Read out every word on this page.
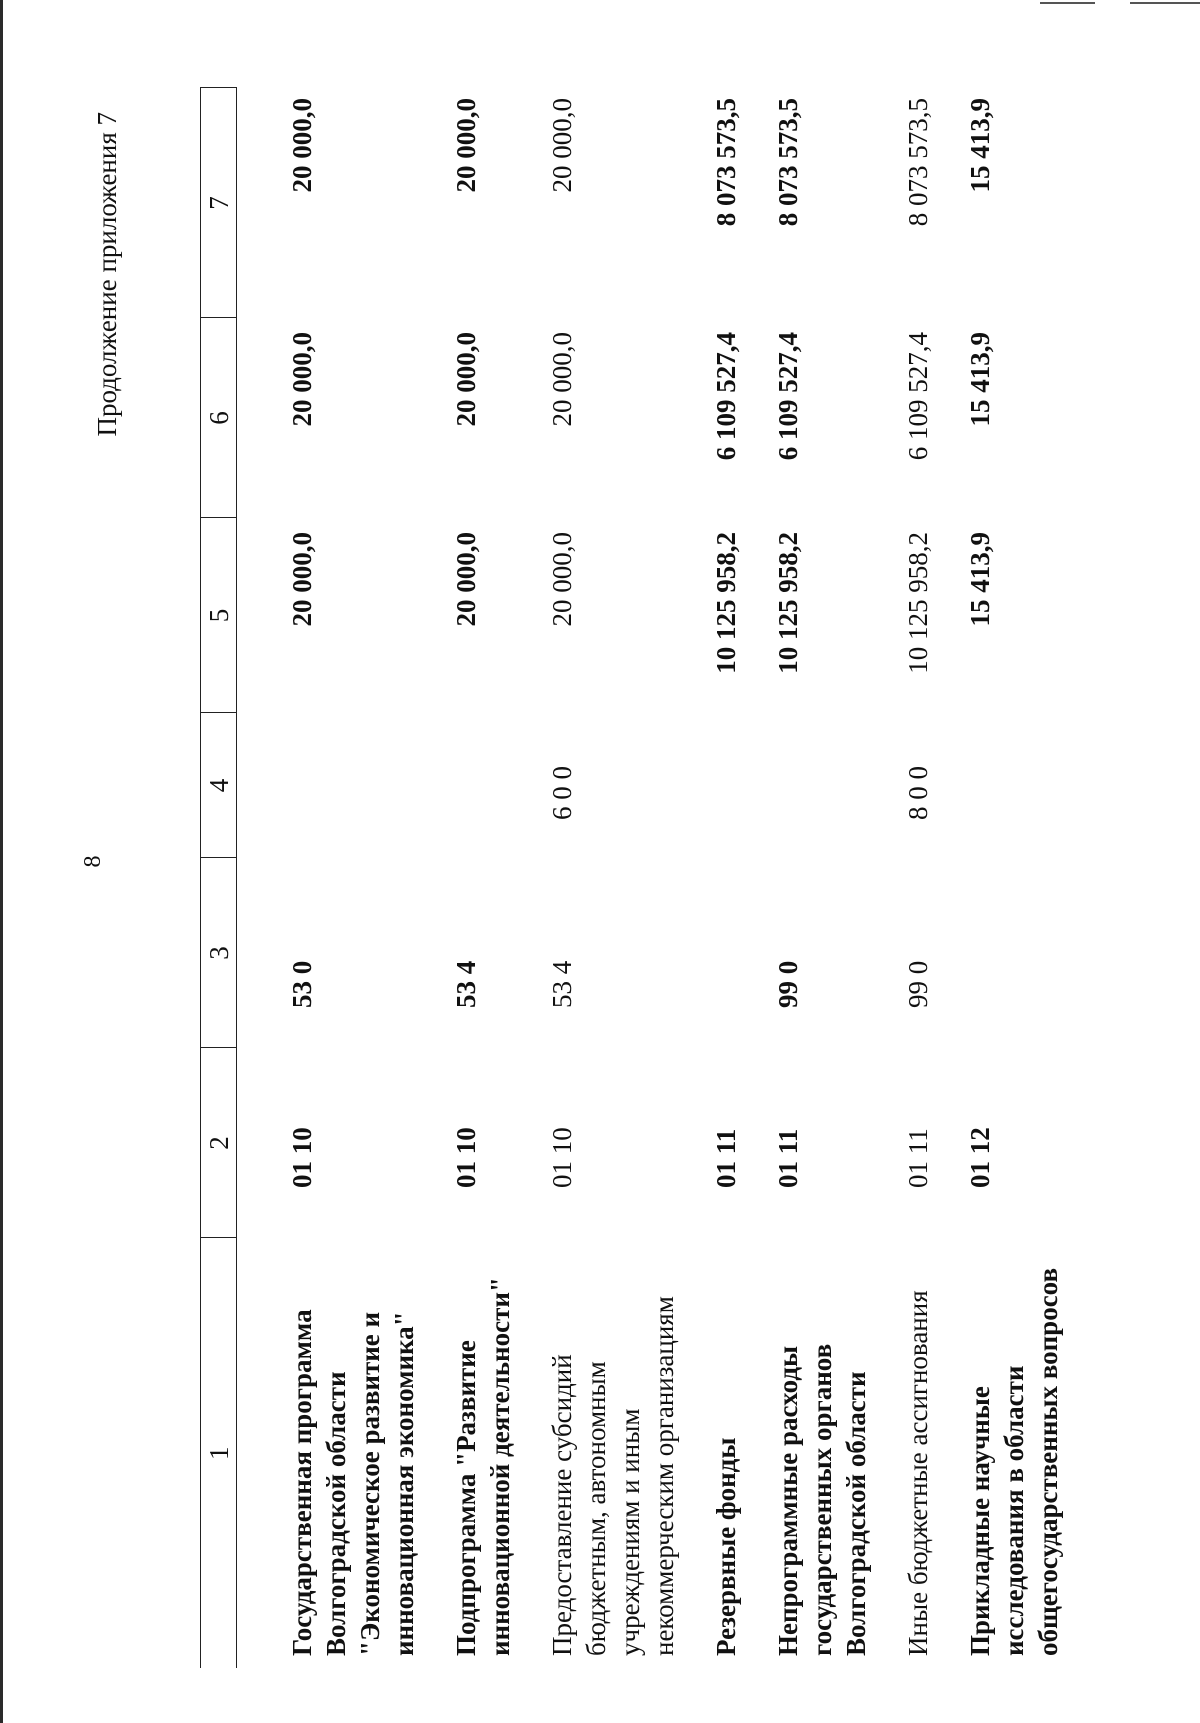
8
Продолжение приложения 7
1	2	3	4	5	6	7

Государственная программа Волгоградской области "Экономическое развитие и инновационная экономика"	01 10	53 0		20 000,0	20 000,0	20 000,0
Подпрограмма "Развитие инновационной деятельности"	01 10	53 4		20 000,0	20 000,0	20 000,0
Предоставление субсидий бюджетным, автономным учреждениям и иным некоммерческим организациям	01 10	53 4	6 0 0	20 000,0	20 000,0	20 000,0
Резервные фонды	01 11			10 125 958,2	6 109 527,4	8 073 573,5
Непрограммные расходы государственных органов Волгоградской области	01 11	99 0		10 125 958,2	6 109 527,4	8 073 573,5
Иные бюджетные ассигнования	01 11	99 0	8 0 0	10 125 958,2	6 109 527,4	8 073 573,5
Прикладные научные исследования в области общегосударственных вопросов	01 12			15 413,9	15 413,9	15 413,9
